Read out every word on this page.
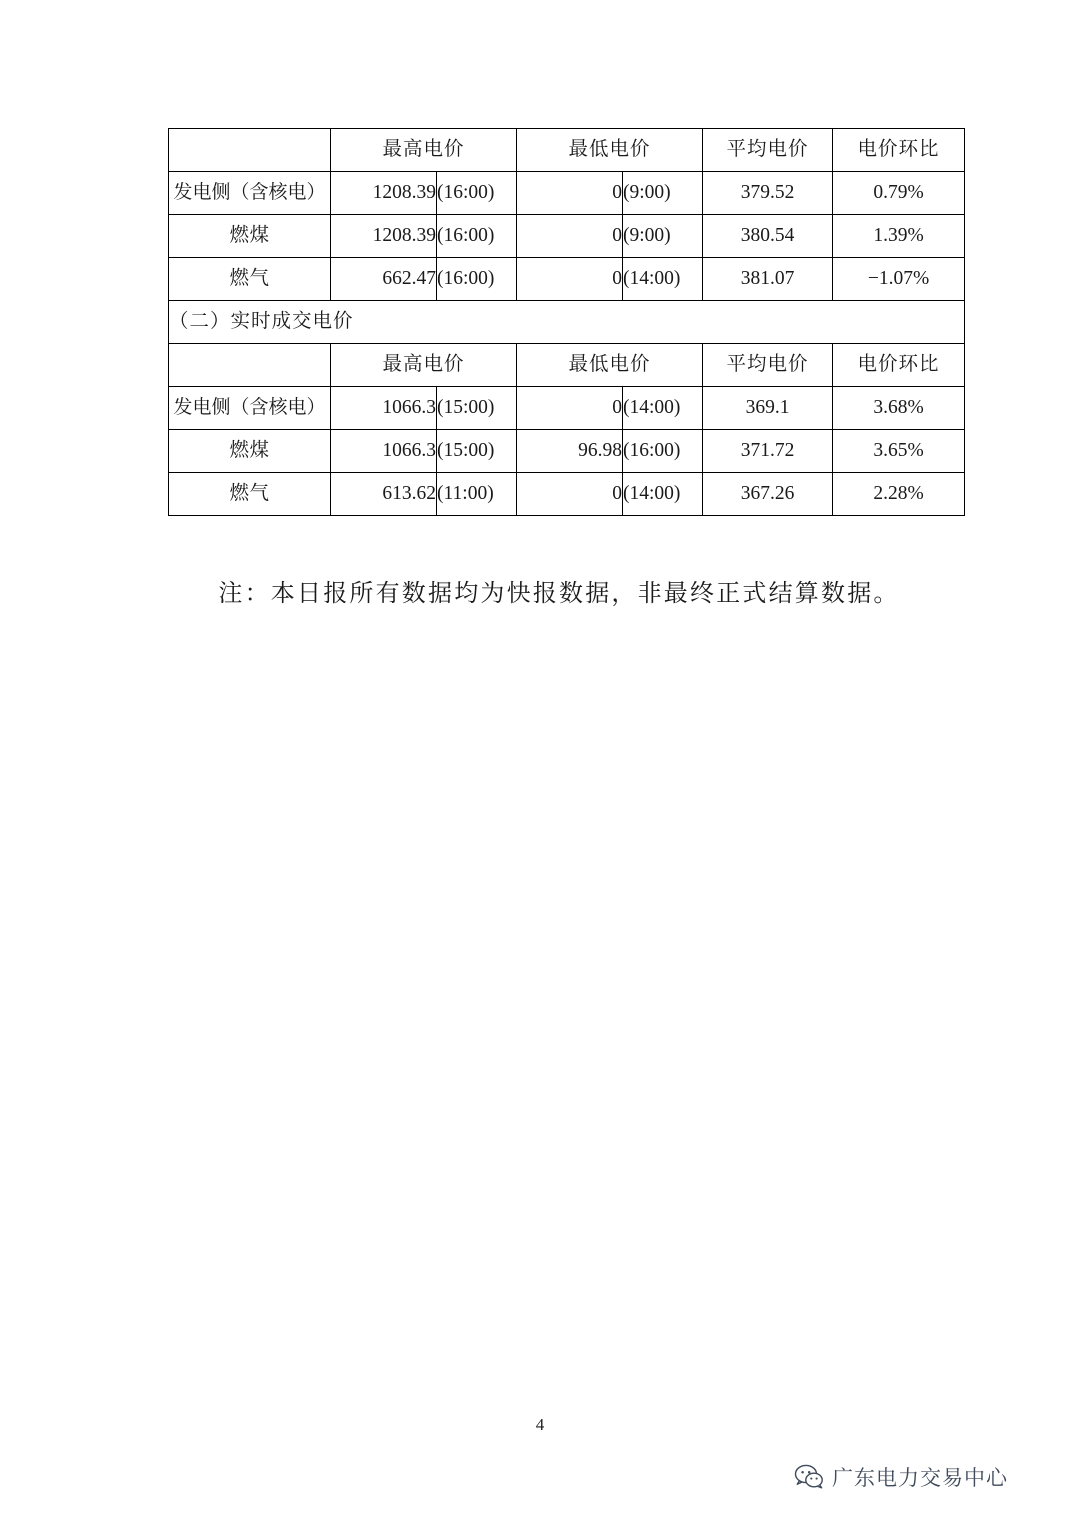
	最高电价		最低电价		平均电价	电价环比
发电侧（含核电）	1208.39	(16:00)	0	(9:00)	379.52	0.79%
燃煤	1208.39	(16:00)	0	(9:00)	380.54	1.39%
燃气	662.47	(16:00)	0	(14:00)	381.07	−1.07%
（二）实时成交电价						
	最高电价		最低电价		平均电价	电价环比
发电侧（含核电）	1066.3	(15:00)	0	(14:00)	369.1	3.68%
燃煤	1066.3	(15:00)	96.98	(16:00)	371.72	3.65%
燃气	613.62	(11:00)	0	(14:00)	367.26	2.28%
注：本日报所有数据均为快报数据，非最终正式结算数据。
4
广东电力交易中心
